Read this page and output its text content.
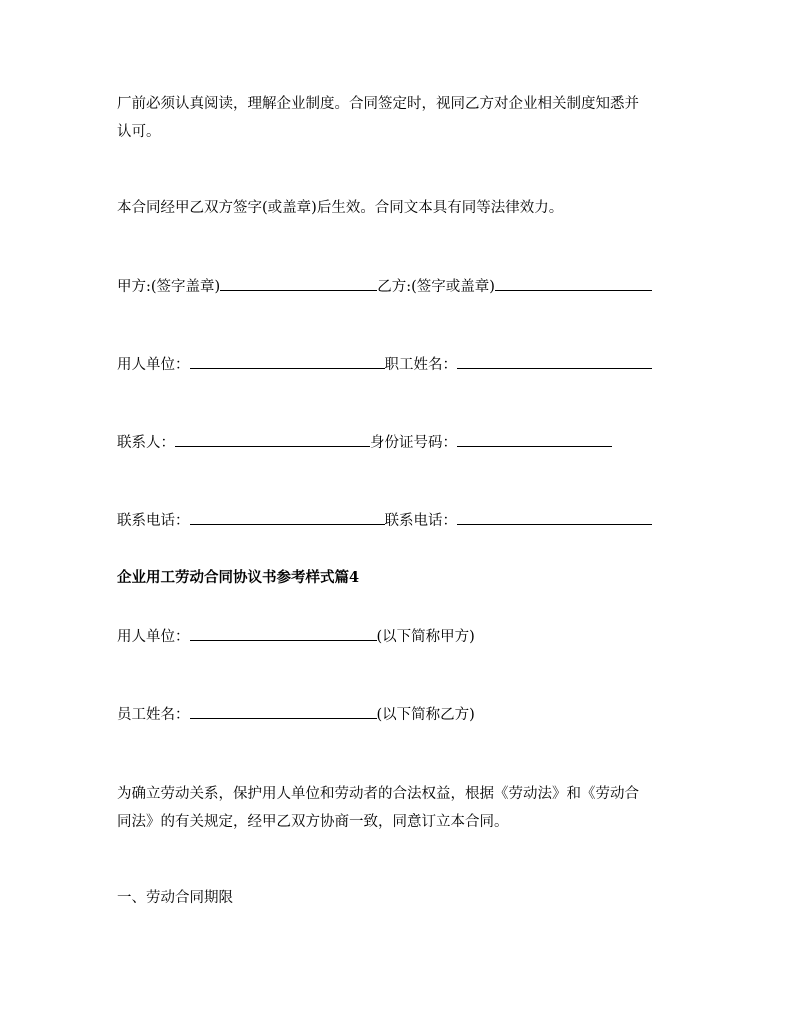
厂前必须认真阅读，理解企业制度。合同签定时，视同乙方对企业相关制度知悉并
认可。
本合同经甲乙双方签字(或盖章)后生效。合同文本具有同等法律效力。
甲方:(签字盖章)	乙方:(签字或盖章)
用人单位：	职工姓名：
联系人：	身份证号码：
联系电话：	联系电话：
企业用工劳动合同协议书参考样式篇4
用人单位：	(以下简称甲方)
员工姓名：	(以下简称乙方)
为确立劳动关系，保护用人单位和劳动者的合法权益，根据《劳动法》和《劳动合
同法》的有关规定，经甲乙双方协商一致，同意订立本合同。
一、劳动合同期限
